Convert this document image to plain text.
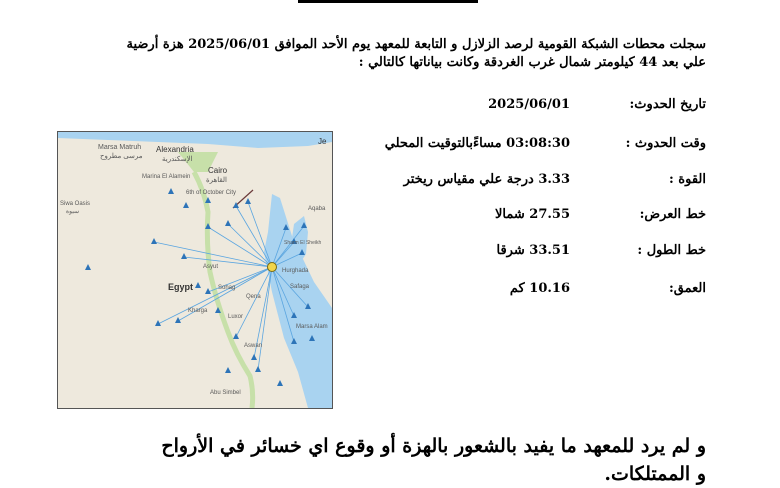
سجلت محطات الشبكة القومية لرصد الزلازل و التابعة للمعهد يوم الأحد الموافق 2025/06/01 هزة أرضية

علي بعد 44 كيلومتر شمال غرب الغردقة وكانت بياناتها كالتالي :

تاريخ الحدوث:
2025/06/01
وقت الحدوث :
03:08:30 مساءًبالتوقيت المحلي
القوة :
3.33 درجة علي مقياس ريختر
خط العرض:
27.55 شمالا
خط الطول :
33.51 شرقا
العمق:
10.16 كم
Alexandria
الإسكندرية
Marsa Matruh
مرسى مطروح
Marina El Alamein
Siwa Oasis
سيوة
Cairo
القاهرة
6th of October City
Egypt
Asyut
Sohag
Qena
Luxor
Kharga
Aswan
Abu Simbel
Hurghada
Safaga
Marsa Alam
Aqaba
Sharm El Sheikh
Je
و لم يرد للمعهد ما يفيد بالشعور بالهزة أو وقوع اي خسائر في الأرواح
و الممتلكات.
